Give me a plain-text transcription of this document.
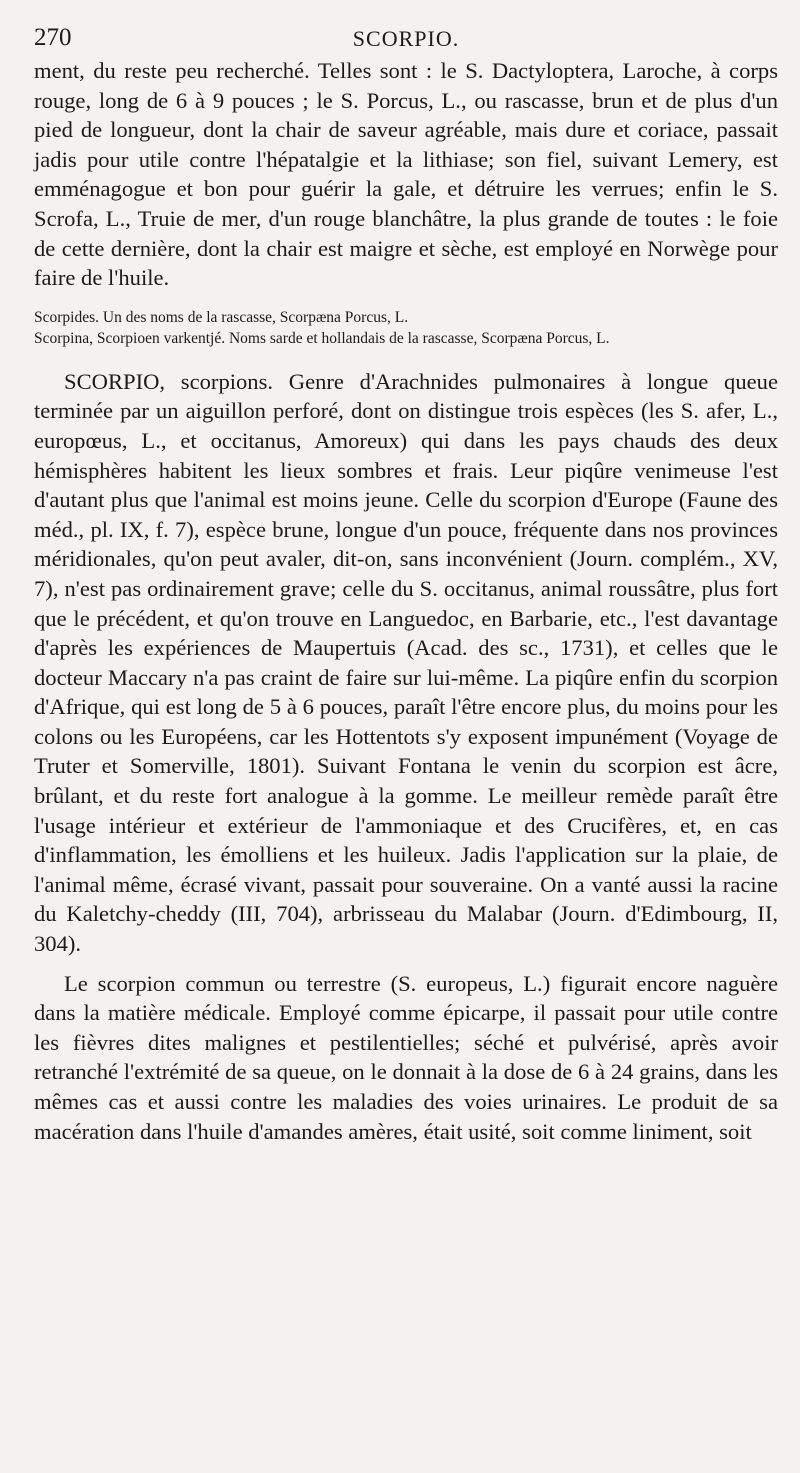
270	SCORPIO.

ment, du reste peu recherché. Telles sont : le S. Dactyloptera, Laroche, à corps rouge, long de 6 à 9 pouces ; le S. Porcus, L., ou rascasse, brun et de plus d'un pied de longueur, dont la chair de saveur agréable, mais dure et coriace, passait jadis pour utile contre l'hépatalgie et la lithiase; son fiel, suivant Lemery, est emménagogue et bon pour guérir la gale, et détruire les verrues; enfin le S. Scrofa, L., Truie de mer, d'un rouge blanchâtre, la plus grande de toutes : le foie de cette dernière, dont la chair est maigre et sèche, est employé en Norwège pour faire de l'huile.

Scorpides. Un des noms de la rascasse, Scorpæna Porcus, L.

Scorpina, Scorpioen varkentjé. Noms sarde et hollandais de la rascasse, Scorpæna Porcus, L.

SCORPIO, scorpions. Genre d'Arachnides pulmonaires à longue queue terminée par un aiguillon perforé, dont on distingue trois espèces (les S. afer, L., europœus, L., et occitanus, Amoreux) qui dans les pays chauds des deux hémisphères habitent les lieux sombres et frais. Leur piqûre venimeuse l'est d'autant plus que l'animal est moins jeune. Celle du scorpion d'Europe (Faune des méd., pl. IX, f. 7), espèce brune, longue d'un pouce, fréquente dans nos provinces méridionales, qu'on peut avaler, dit-on, sans inconvénient (Journ. complém., XV, 7), n'est pas ordinairement grave; celle du S. occitanus, animal roussâtre, plus fort que le précédent, et qu'on trouve en Languedoc, en Barbarie, etc., l'est davantage d'après les expériences de Maupertuis (Acad. des sc., 1731), et celles que le docteur Maccary n'a pas craint de faire sur lui-même. La piqûre enfin du scorpion d'Afrique, qui est long de 5 à 6 pouces, paraît l'être encore plus, du moins pour les colons ou les Européens, car les Hottentots s'y exposent impunément (Voyage de Truter et Somerville, 1801). Suivant Fontana le venin du scorpion est âcre, brûlant, et du reste fort analogue à la gomme. Le meilleur remède paraît être l'usage intérieur et extérieur de l'ammoniaque et des Crucifères, et, en cas d'inflammation, les émolliens et les huileux. Jadis l'application sur la plaie, de l'animal même, écrasé vivant, passait pour souveraine. On a vanté aussi la racine du Kaletchy-cheddy (III, 704), arbrisseau du Malabar (Journ. d'Edimbourg, II, 304).

Le scorpion commun ou terrestre (S. europeus, L.) figurait encore naguère dans la matière médicale. Employé comme épicarpe, il passait pour utile contre les fièvres dites malignes et pestilentielles; séché et pulvérisé, après avoir retranché l'extrémité de sa queue, on le donnait à la dose de 6 à 24 grains, dans les mêmes cas et aussi contre les maladies des voies urinaires. Le produit de sa macération dans l'huile d'amandes amères, était usité, soit comme liniment, soit
